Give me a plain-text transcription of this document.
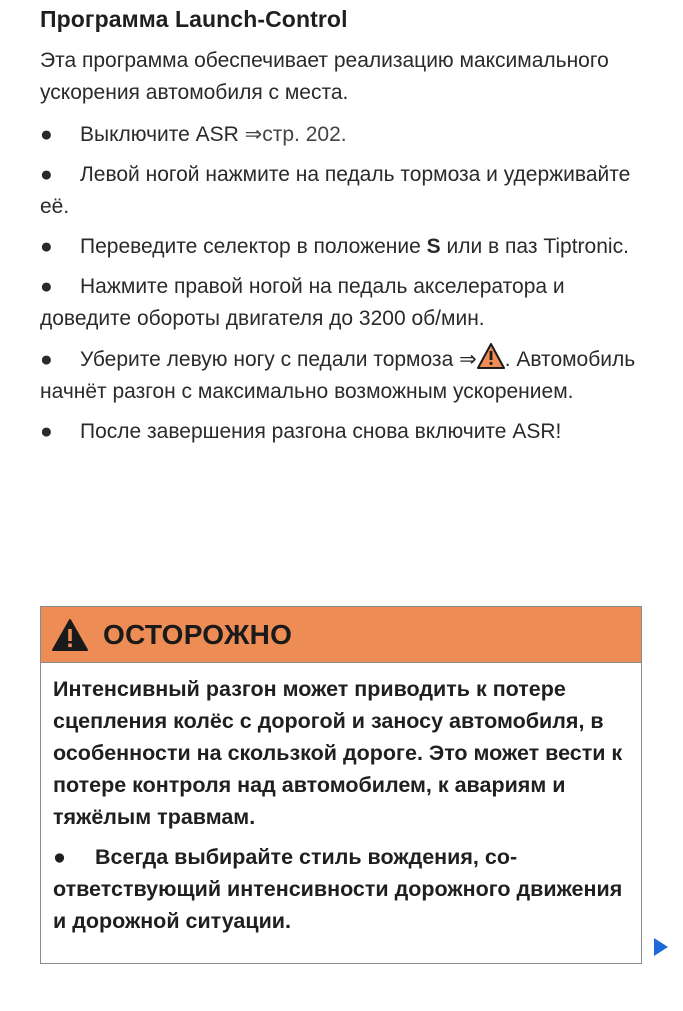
Программа Launch-Control

Эта программа обеспечивает реализацию максимального ускорения автомобиля с места.

● Выключите ASR ⇒стр. 202.

● Левой ногой нажмите на педаль тормоза и удерживайте её.

● Переведите селектор в положение S или в паз Tiptronic.

● Нажмите правой ногой на педаль акселератора и доведите обороты двигателя до 3200 об/мин.

● Уберите левую ногу с педали тормоза ⇒ . Автомобиль начнёт разгон с максимально возможным ускорением.

● После завершения разгона снова включите ASR!

ОСТОРОЖНО

Интенсивный разгон может приводить к потере сцепления колёс с дорогой и заносу автомобиля, в особенности на скользкой дороге. Это может вести к потере контроля над автомобилем, к авариям и тяжёлым травмам.

● Всегда выбирайте стиль вождения, соответствующий интенсивности дорожного движения и дорожной ситуации.
